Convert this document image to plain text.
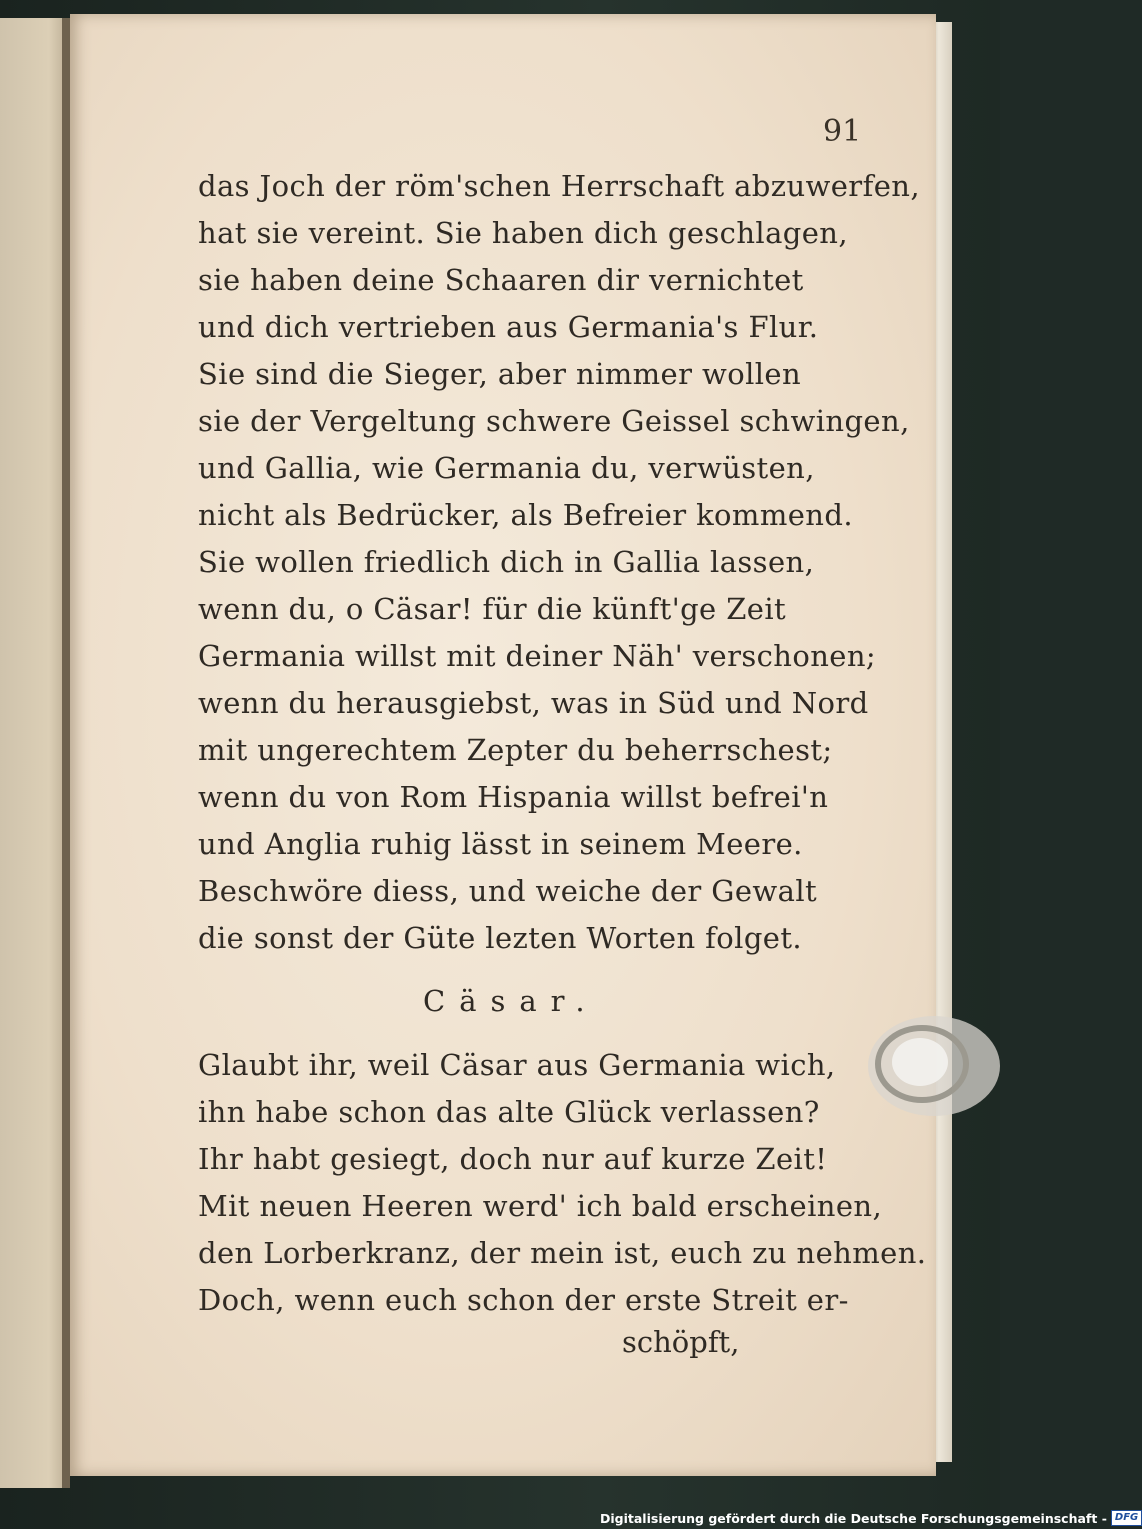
91
das Joch der röm'schen Herrschaft abzuwerfen,
hat sie vereint. Sie haben dich geschlagen,
sie haben deine Schaaren dir vernichtet
und dich vertrieben aus Germania's Flur.
Sie sind die Sieger, aber nimmer wollen
sie der Vergeltung schwere Geissel schwingen,
und Gallia, wie Germania du, verwüsten,
nicht als Bedrücker, als Befreier kommend.
Sie wollen friedlich dich in Gallia lassen,
wenn du, o Cäsar! für die künft'ge Zeit
Germania willst mit deiner Näh' verschonen;
wenn du herausgiebst, was in Süd und Nord
mit ungerechtem Zepter du beherrschest;
wenn du von Rom Hispania willst befrei'n
und Anglia ruhig lässt in seinem Meere.
Beschwöre diess, und weiche der Gewalt
die sonst der Güte lezten Worten folget.
Cäsar.
Glaubt ihr, weil Cäsar aus Germania wich,
ihn habe schon das alte Glück verlassen?
Ihr habt gesiegt, doch nur auf kurze Zeit!
Mit neuen Heeren werd' ich bald erscheinen,
den Lorberkranz, der mein ist, euch zu nehmen.
Doch, wenn euch schon der erste Streit er-
schöpft,
Digitalisierung gefördert durch die Deutsche Forschungsgemeinschaft - DFG
